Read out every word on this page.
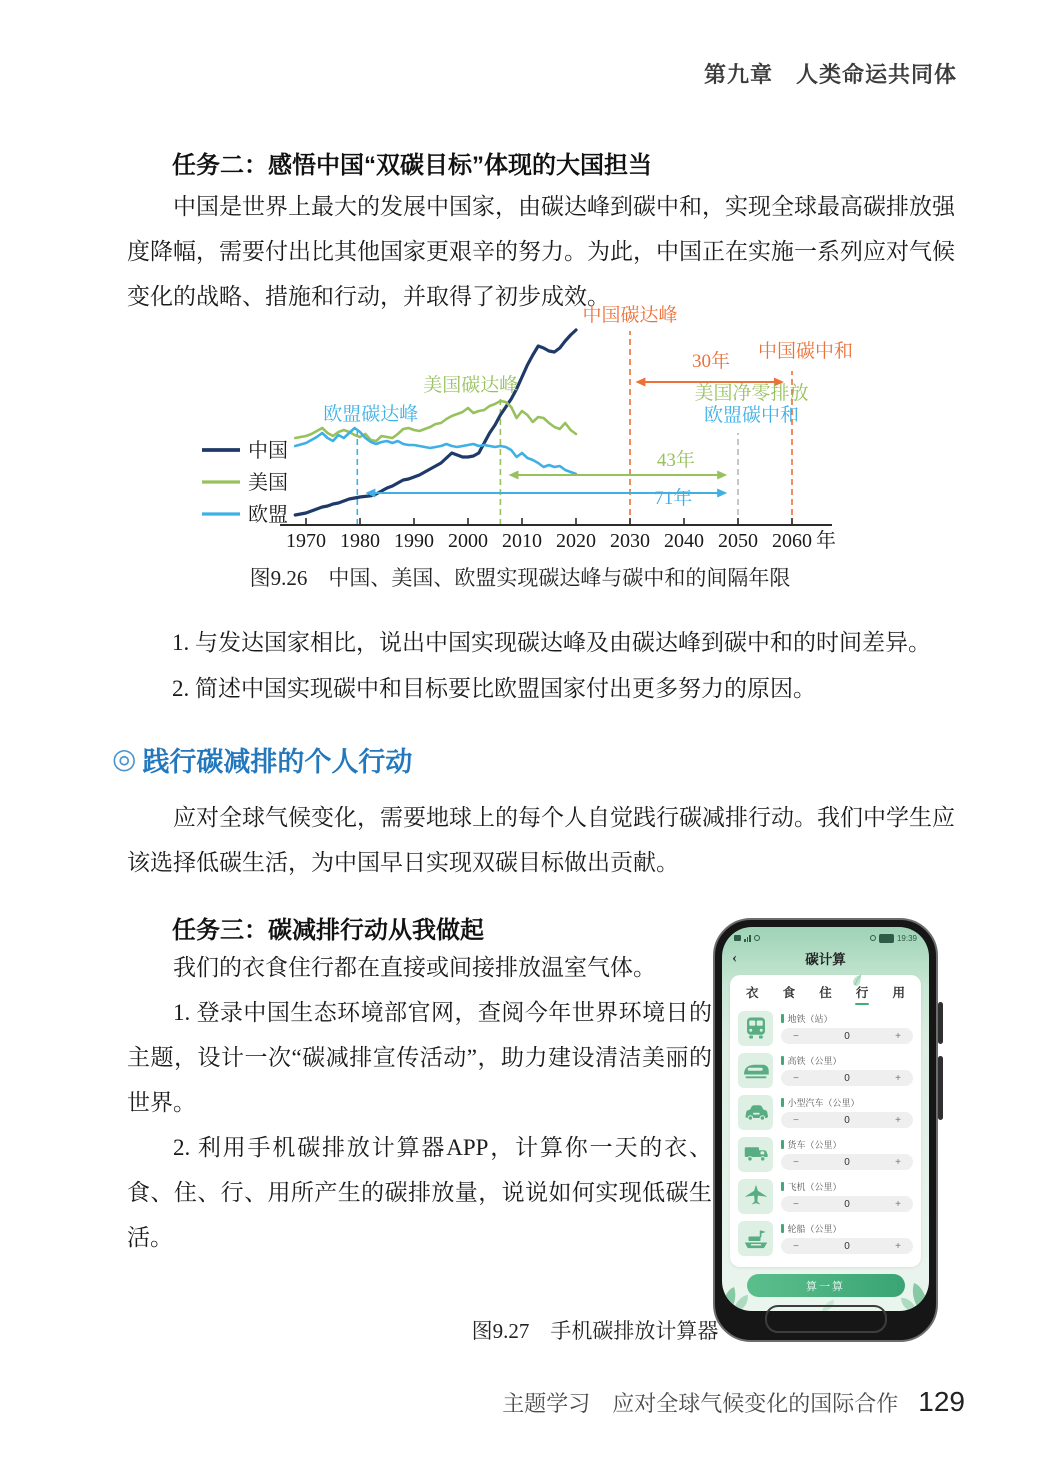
第九章　人类命运共同体
任务二：感悟中国“双碳目标”体现的大国担当
中国是世界上最大的发展中国家，由碳达峰到碳中和，实现全球最高碳排放强度降幅，需要付出比其他国家更艰辛的努力。为此，中国正在实施一系列应对气候变化的战略、措施和行动，并取得了初步成效。
1970 1980 1990 2000 2010 2020 2030 2040 2050 2060 年
欧盟碳达峰
美国碳达峰
中国碳达峰
30年 中国碳中和
美国净零排放
欧盟碳中和
43年
71年
中国
美国
欧盟
图9.26　中国、美国、欧盟实现碳达峰与碳中和的间隔年限
1. 与发达国家相比，说出中国实现碳达峰及由碳达峰到碳中和的时间差异。
2. 简述中国实现碳中和目标要比欧盟国家付出更多努力的原因。
◎ 践行碳减排的个人行动
应对全球气候变化，需要地球上的每个人自觉践行碳减排行动。我们中学生应该选择低碳生活，为中国早日实现双碳目标做出贡献。
任务三：碳减排行动从我做起

我们的衣食住行都在直接或间接排放温室气体。

1. 登录中国生态环境部官网，查阅今年世界环境日的主题，设计一次“碳减排宣传活动”，助力建设清洁美丽的世界。

2. 利用手机碳排放计算器APP，计算你一天的衣、食、住、行、用所产生的碳排放量，说说如何实现低碳生活。

19:39
‹	碳计算
衣 食 住 行 用
地铁（站）
−	0	+
高铁（公里）
−	0	+
小型汽车（公里）
−	0	+
货车（公里）
−	0	+
飞机（公里）
−	0	+
轮船（公里）
−	0	+
算一算
图9.27　手机碳排放计算器
主题学习　应对全球气候变化的国际合作 129
